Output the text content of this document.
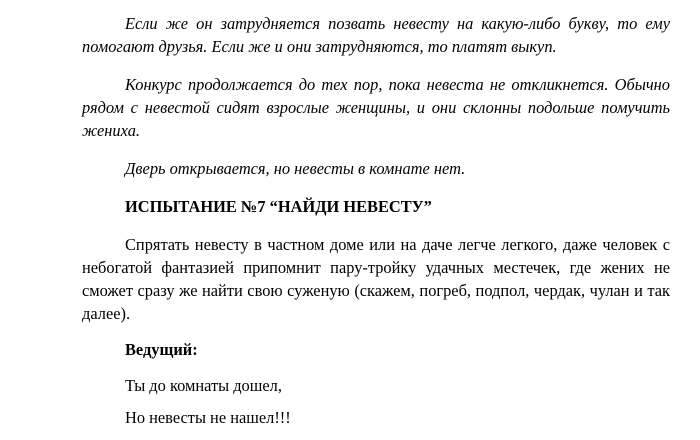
Если же он затрудняется позвать невесту на какую-либо букву, то ему помогают друзья. Если же и они затрудняются, то платят выкуп.

Конкурс продолжается до тех пор, пока невеста не откликнется. Обычно рядом с невестой сидят взрослые женщины, и они склонны подольше помучить жениха.

Дверь открывается, но невесты в комнате нет.

ИСПЫТАНИЕ №7 “НАЙДИ НЕВЕСТУ”

Спрятать невесту в частном доме или на даче легче легкого, даже человек с небогатой фантазией припомнит пару-тройку удачных местечек, где жених не сможет сразу же найти свою суженую (скажем, погреб, подпол, чердак, чулан и так далее).

Ведущий:

Ты до комнаты дошел,

Но невесты не нашел!!!
